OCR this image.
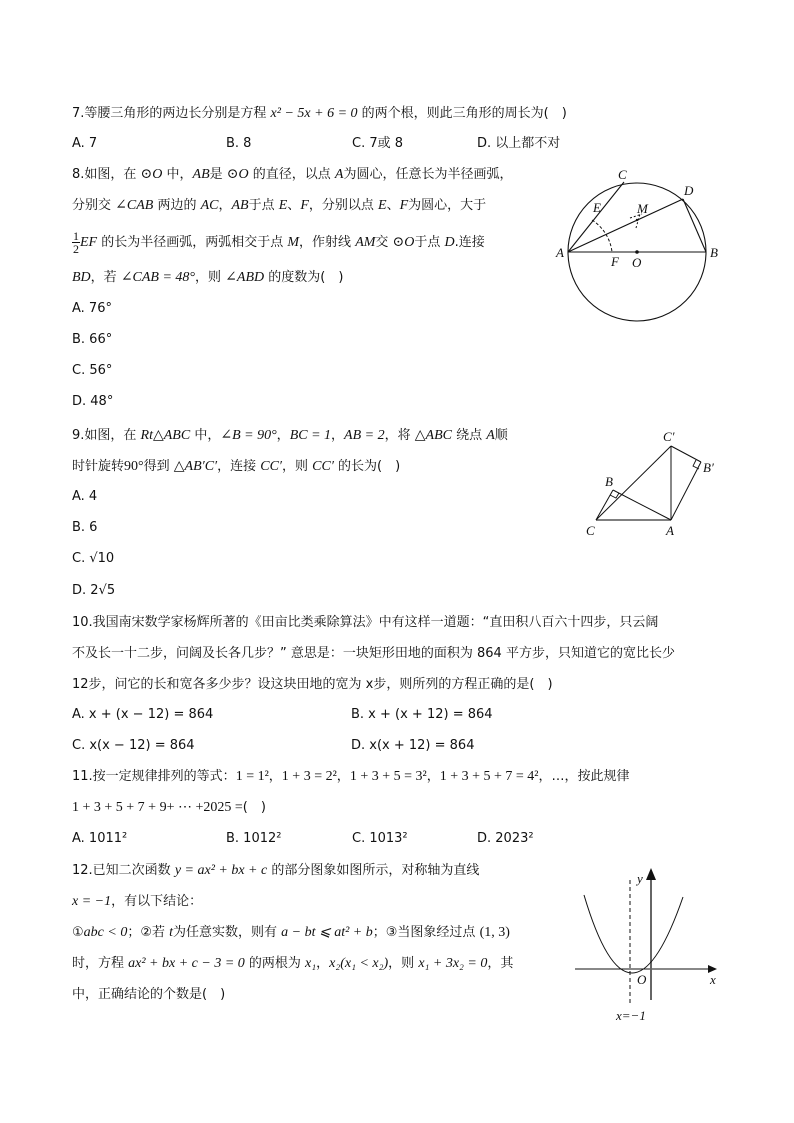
7.等腰三角形的两边长分别是方程 x² − 5x + 6 = 0 的两个根，则此三角形的周长为(　)
A. 7	B. 8	C. 7或 8	D. 以上都不对
8.如图，在 ⊙O 中，AB是 ⊙O 的直径，以点 A为圆心，任意长为半径画弧，
分别交 ∠CAB 两边的 AC，AB于点 E、F，分别以点 E、F为圆心，大于
$\frac{1}{2}$ EF 的长为半径画弧，两弧相交于点 M，作射线 AM交 ⊙O于点 D.连接
BD，若 ∠CAB = 48°，则 ∠ABD 的度数为(　)
A. 76°
B. 66°
C. 56°
D. 48°
C
D
E	M
A
F O
B
9.如图，在 Rt△ABC 中，∠B = 90°，BC = 1，AB = 2，将 △ABC 绕点 A顺
时针旋转90°得到 △AB′C′，连接 CC′，则 CC′ 的长为(　)
A. 4
B. 6
C. √10
D. 2√5
C′
B′
B
C	A
10.我国南宋数学家杨辉所著的《田亩比类乘除算法》中有这样一道题：“直田积八百六十四步，只云阔
不及长一十二步，问阔及长各几步？” 意思是：一块矩形田地的面积为 864 平方步，只知道它的宽比长少
12步，问它的长和宽各多少步？设这块田地的宽为 x步，则所列的方程正确的是(　)
A. x + (x − 12) = 864	B. x + (x + 12) = 864
C. x(x − 12) = 864	D. x(x + 12) = 864
11.按一定规律排列的等式：1 = 1²，1 + 3 = 2²，1 + 3 + 5 = 3²，1 + 3 + 5 + 7 = 4²，…，按此规律
1 + 3 + 5 + 7 + 9+ ⋯ +2025 =(　)
A. 1011²	B. 1012²	C. 1013²	D. 2023²
12.已知二次函数 y = ax² + bx + c 的部分图象如图所示，对称轴为直线
x = −1，有以下结论：
①abc < 0；②若 t为任意实数，则有 a − bt ⩽ at² + b；③当图象经过点 (1, 3)
时，方程 ax² + bx + c − 3 = 0 的两根为 x₁，x₂(x₁ < x₂)，则 x₁ + 3x₂ = 0，其
中，正确结论的个数是(　)
y
x
O
x=−1
